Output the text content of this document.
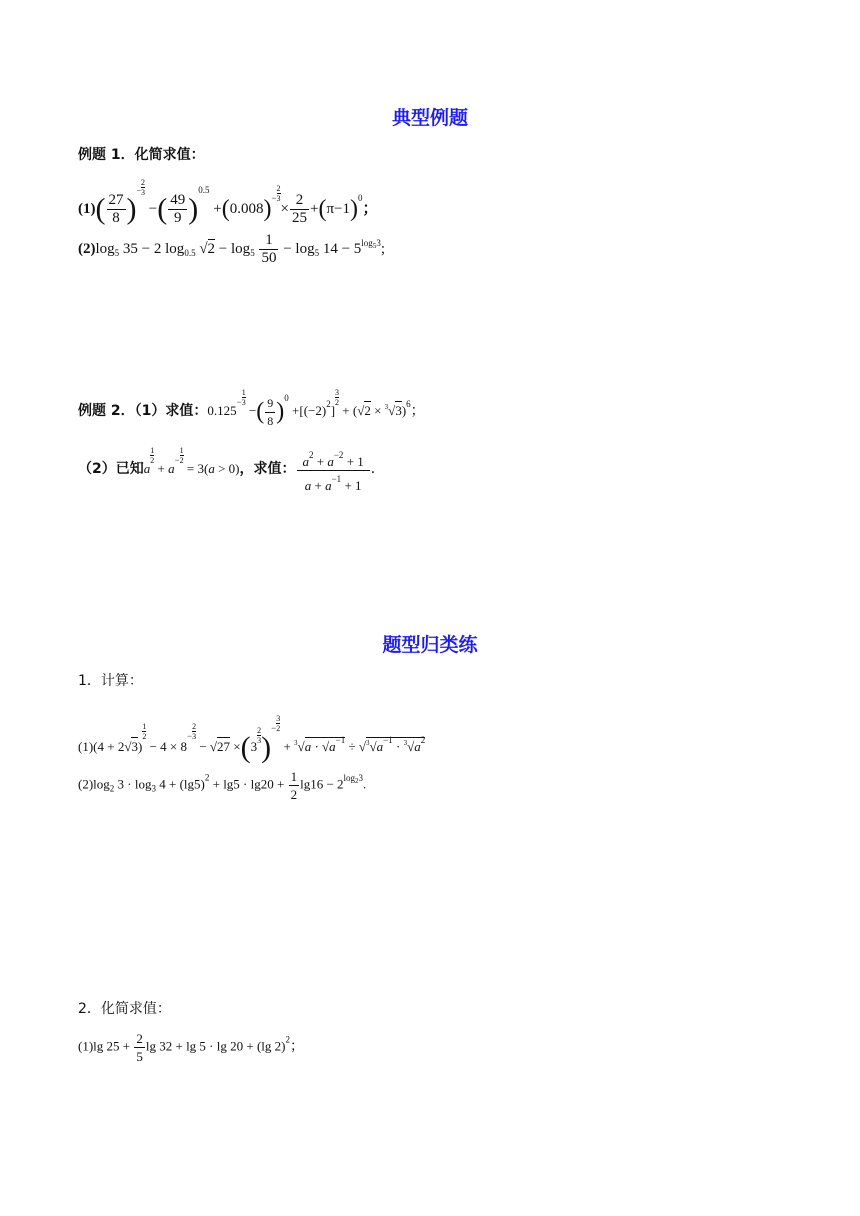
典型例题
例题 1．化简求值：
$(1)( \frac{27}{8}$ )
− $\frac{2}{3}$
−( $\frac{49}{9} )^{0.5} +(0.008)^- \frac{2}{3}$
× $\frac{2}{25} +(\pi-1)^0$；
$(2)\log_5$ 35 − 2 $\log_{0.5} √2 - \log_5 \frac{1}{50} - \log_5 14 - 5^{log_53}$;
例题 2．（1）求值：$0.125^- \frac{1}{3}$
−( $\frac{9}{8} )^0 +[(-2)^2]$
$\frac{3}{2}$
+ $(√2 \times ^3√3)^6$；
（2）已知a
$\frac{1}{2}$
+ $a^- \frac{1}{2}$
= 3(a > 0)，求值： $\frac{a^2 + a^{-2} + 1}{a + a^{-1} + 1}$ ．
题型归类练
1．计算：
(1)(4 + 2√3)
$\frac{1}{2}$
− $4 \times 8^- \frac{2}{3}$
− √27 ×(3
$\frac{2}{3} )^- \frac{3}{2}$
+ $^3√a \cdot √a^{-1} \div √^3√a^{-1} \cdot ^3√a^2$
$(2)\log_2$ $3 \cdot \log_3 4 + (\lg 5)^2 + \lg 5 \cdot \lg 20 + \frac{1}{2} \lg 16 - 2^{log_23}$.
2．化简求值：
(1)lg $25 + \frac{2}{5}$ lg 32 + lg 5 · lg 20 + (lg 2)$^2$；
